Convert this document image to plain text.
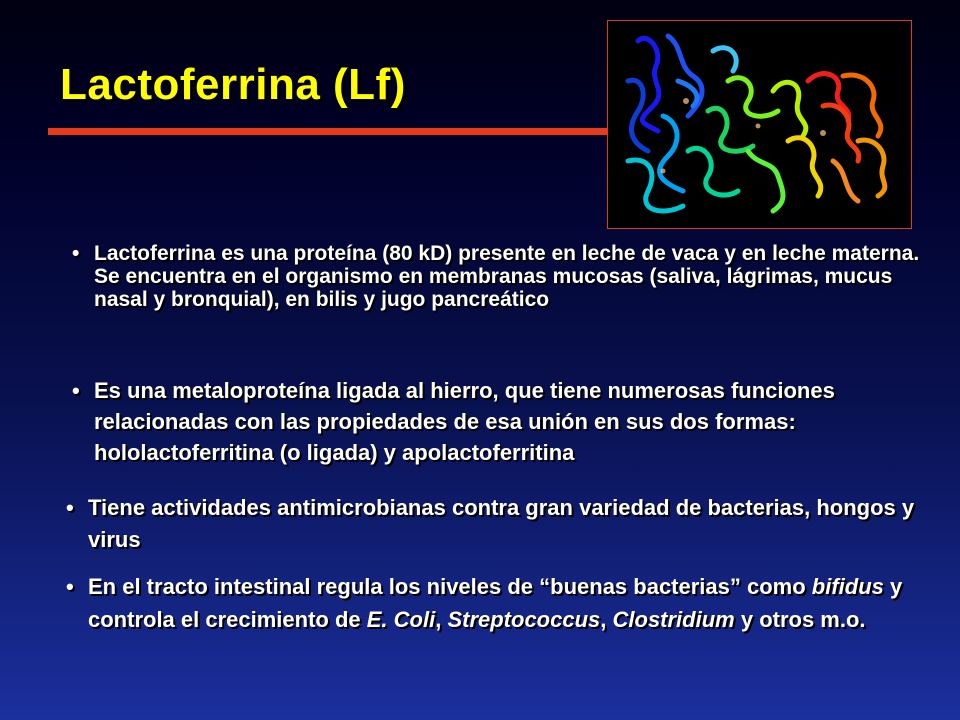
Lactoferrina (Lf)
• Lactoferrina es una proteína (80 kD) presente en leche de vaca y en leche materna. Se encuentra en el organismo en membranas mucosas (saliva, lágrimas, mucus nasal y bronquial), en bilis y jugo pancreático
• Es una metaloproteína ligada al hierro, que tiene numerosas funciones relacionadas con las propiedades de esa unión en sus dos formas: hololactoferritina (o ligada) y apolactoferritina
• Tiene actividades antimicrobianas contra gran variedad de bacterias, hongos y virus
• En el tracto intestinal regula los niveles de “buenas bacterias” como bifidus y controla el crecimiento de E. Coli, Streptococcus, Clostridium y otros m.o.
